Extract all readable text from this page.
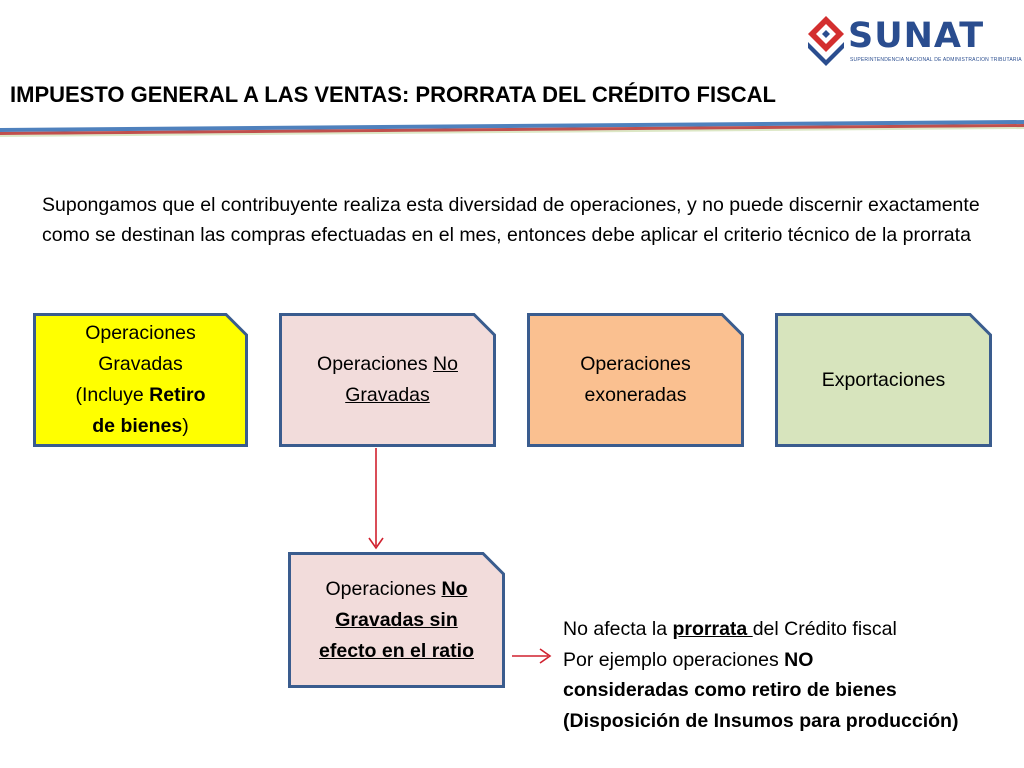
SUNAT
SUPERINTENDENCIA NACIONAL DE ADMINISTRACION TRIBUTARIA
IMPUESTO GENERAL A LAS VENTAS: PRORRATA DEL CRÉDITO FISCAL

Supongamos que el contribuyente realiza esta diversidad de operaciones, y no puede discernir exactamente como se destinan las compras efectuadas en el mes, entonces debe aplicar el criterio técnico de la prorrata

Operaciones
Gravadas
(Incluye Retiro
de bienes)
Operaciones No
Gravadas
Operaciones
exoneradas
Exportaciones
Operaciones No
Gravadas sin
efecto en el ratio
No afecta la prorrata del Crédito fiscal
Por ejemplo operaciones NO
consideradas como retiro de bienes (Disposición de Insumos para producción)
